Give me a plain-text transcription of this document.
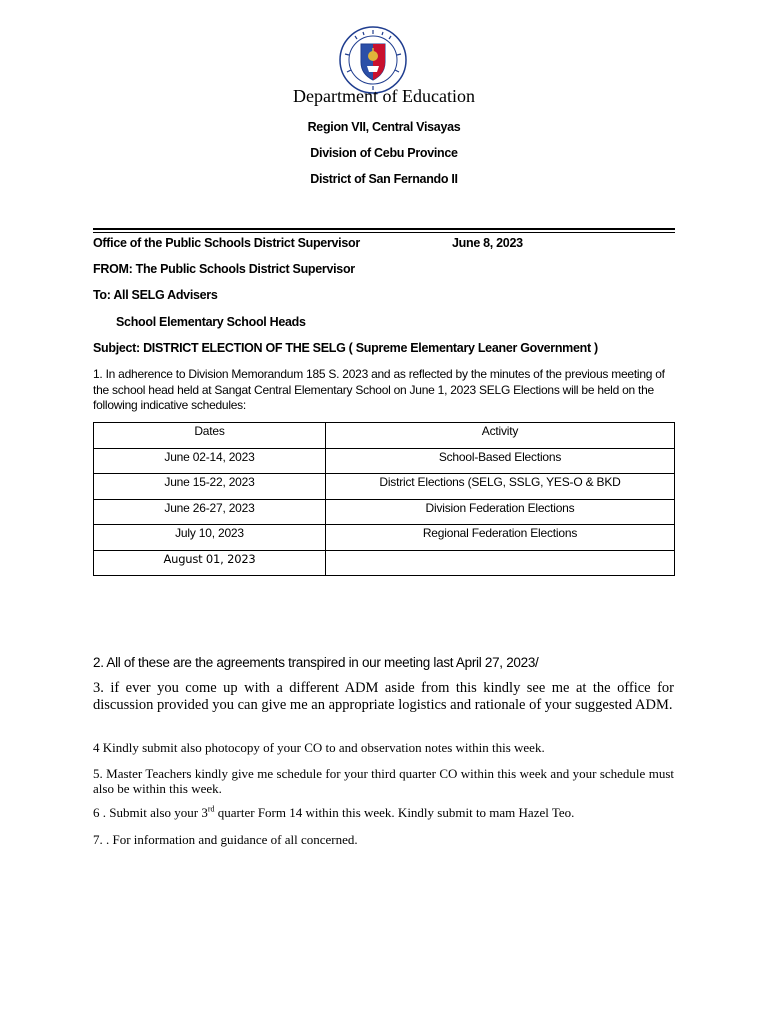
Department of Education
Region VII, Central Visayas
Division of Cebu Province
District of San Fernando II
Office of the Public Schools District Supervisor	June 8, 2023
FROM: The Public Schools District Supervisor
To: All SELG Advisers
School Elementary School Heads
Subject: DISTRICT ELECTION OF THE SELG ( Supreme Elementary Leaner Government )
1. In adherence to Division Memorandum 185 S. 2023 and as reflected by the minutes of the previous meeting of the school head held at Sangat Central Elementary School on June 1, 2023 SELG Elections will be held on the following indicative schedules:
Dates	Activity
June 02-14, 2023	School-Based Elections
June 15-22, 2023	District Elections (SELG, SSLG, YES-O & BKD
June 26-27, 2023	Division Federation Elections
July 10, 2023	Regional Federation Elections
August 01, 2023	
2. All of these are the agreements transpired in our meeting last April 27, 2023/
3. if ever you come up with a different ADM aside from this kindly see me at the office for discussion provided you can give me an appropriate logistics and rationale of your suggested ADM.
4 Kindly submit also photocopy of your CO to and observation notes within this week.
5. Master Teachers kindly give me schedule for your third quarter CO within this week and your schedule must also be within this week.
6 . Submit also your 3rd quarter Form 14 within this week. Kindly submit to mam Hazel Teo.
7. . For information and guidance of all concerned.
